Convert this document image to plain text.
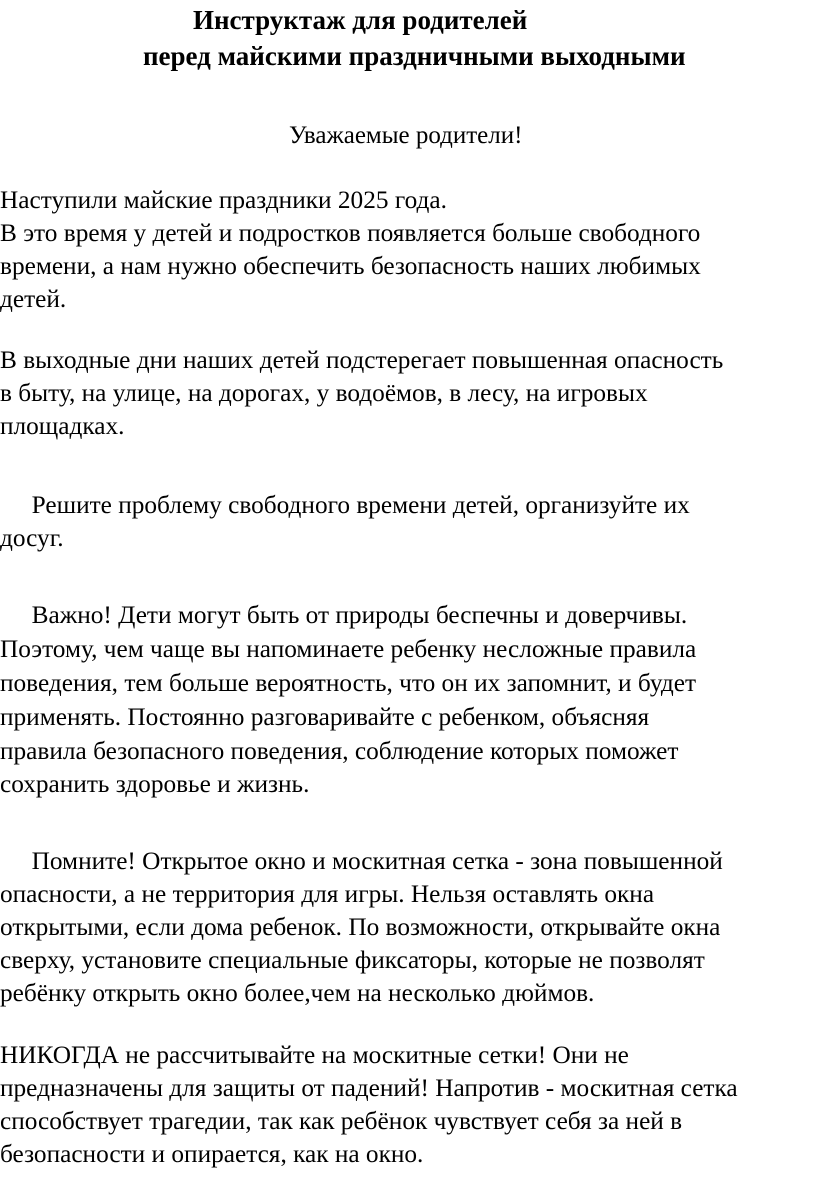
Инструктаж для родителей
перед майскими праздничными выходными
Уважаемые родители!
Наступили майские праздники 2025 года.
В это время у детей и подростков появляется больше свободного
времени, а нам нужно обеспечить безопасность наших любимых
детей.
В выходные дни наших детей подстерегает повышенная опасность
в быту, на улице, на дорогах, у водоёмов, в лесу, на игровых
площадках.
Решите проблему свободного времени детей, организуйте их
досуг.
Важно! Дети могут быть от природы беспечны и доверчивы.
Поэтому, чем чаще вы напоминаете ребенку несложные правила
поведения, тем больше вероятность, что он их запомнит, и будет
применять. Постоянно разговаривайте с ребенком, объясняя
правила безопасного поведения, соблюдение которых поможет
сохранить здоровье и жизнь.
Помните! Открытое окно и москитная сетка - зона повышенной
опасности, а не территория для игры. Нельзя оставлять окна
открытыми, если дома ребенок. По возможности, открывайте окна
сверху, установите специальные фиксаторы, которые не позволят
ребёнку открыть окно более,чем на несколько дюймов.
НИКОГДА не рассчитывайте на москитные сетки! Они не
предназначены для защиты от падений! Напротив - москитная сетка
способствует трагедии, так как ребёнок чувствует себя за ней в
безопасности и опирается, как на окно.
